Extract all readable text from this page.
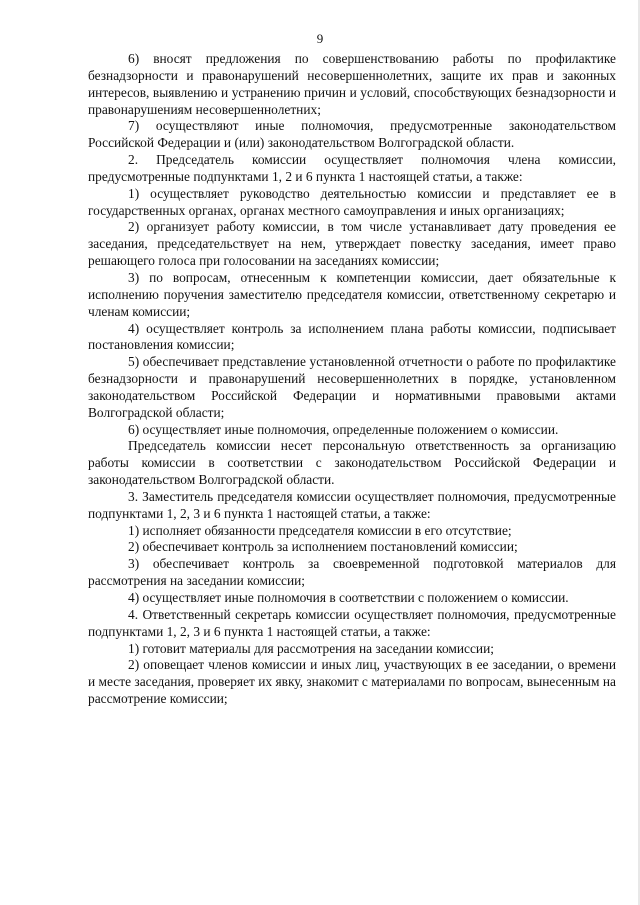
9

6) вносят предложения по совершенствованию работы по профилактике безнадзорности и правонарушений несовершеннолетних, защите их прав и законных интересов, выявлению и устранению причин и условий, способствующих безнадзорности и правонарушениям несовершеннолетних;

7) осуществляют иные полномочия, предусмотренные законодательством Российской Федерации и (или) законодательством Волгоградской области.

2. Председатель комиссии осуществляет полномочия члена комиссии, предусмотренные подпунктами 1, 2 и 6 пункта 1 настоящей статьи, а также:

1) осуществляет руководство деятельностью комиссии и представляет ее в государственных органах, органах местного самоуправления и иных организациях;

2) организует работу комиссии, в том числе устанавливает дату проведения ее заседания, председательствует на нем, утверждает повестку заседания, имеет право решающего голоса при голосовании на заседаниях комиссии;

3) по вопросам, отнесенным к компетенции комиссии, дает обязательные к исполнению поручения заместителю председателя комиссии, ответственному секретарю и членам комиссии;

4) осуществляет контроль за исполнением плана работы комиссии, подписывает постановления комиссии;

5) обеспечивает представление установленной отчетности о работе по профилактике безнадзорности и правонарушений несовершеннолетних в порядке, установленном законодательством Российской Федерации и нормативными правовыми актами Волгоградской области;

6) осуществляет иные полномочия, определенные положением о комиссии.

Председатель комиссии несет персональную ответственность за организацию работы комиссии в соответствии с законодательством Российской Федерации и законодательством Волгоградской области.

3. Заместитель председателя комиссии осуществляет полномочия, предусмотренные подпунктами 1, 2, 3 и 6 пункта 1 настоящей статьи, а также:

1) исполняет обязанности председателя комиссии в его отсутствие;

2) обеспечивает контроль за исполнением постановлений комиссии;

3) обеспечивает контроль за своевременной подготовкой материалов для рассмотрения на заседании комиссии;

4) осуществляет иные полномочия в соответствии с положением о комиссии.

4. Ответственный секретарь комиссии осуществляет полномочия, предусмотренные подпунктами 1, 2, 3 и 6 пункта 1 настоящей статьи, а также:

1) готовит материалы для рассмотрения на заседании комиссии;

2) оповещает членов комиссии и иных лиц, участвующих в ее заседании, о времени и месте заседания, проверяет их явку, знакомит с материалами по вопросам, вынесенным на рассмотрение комиссии;
